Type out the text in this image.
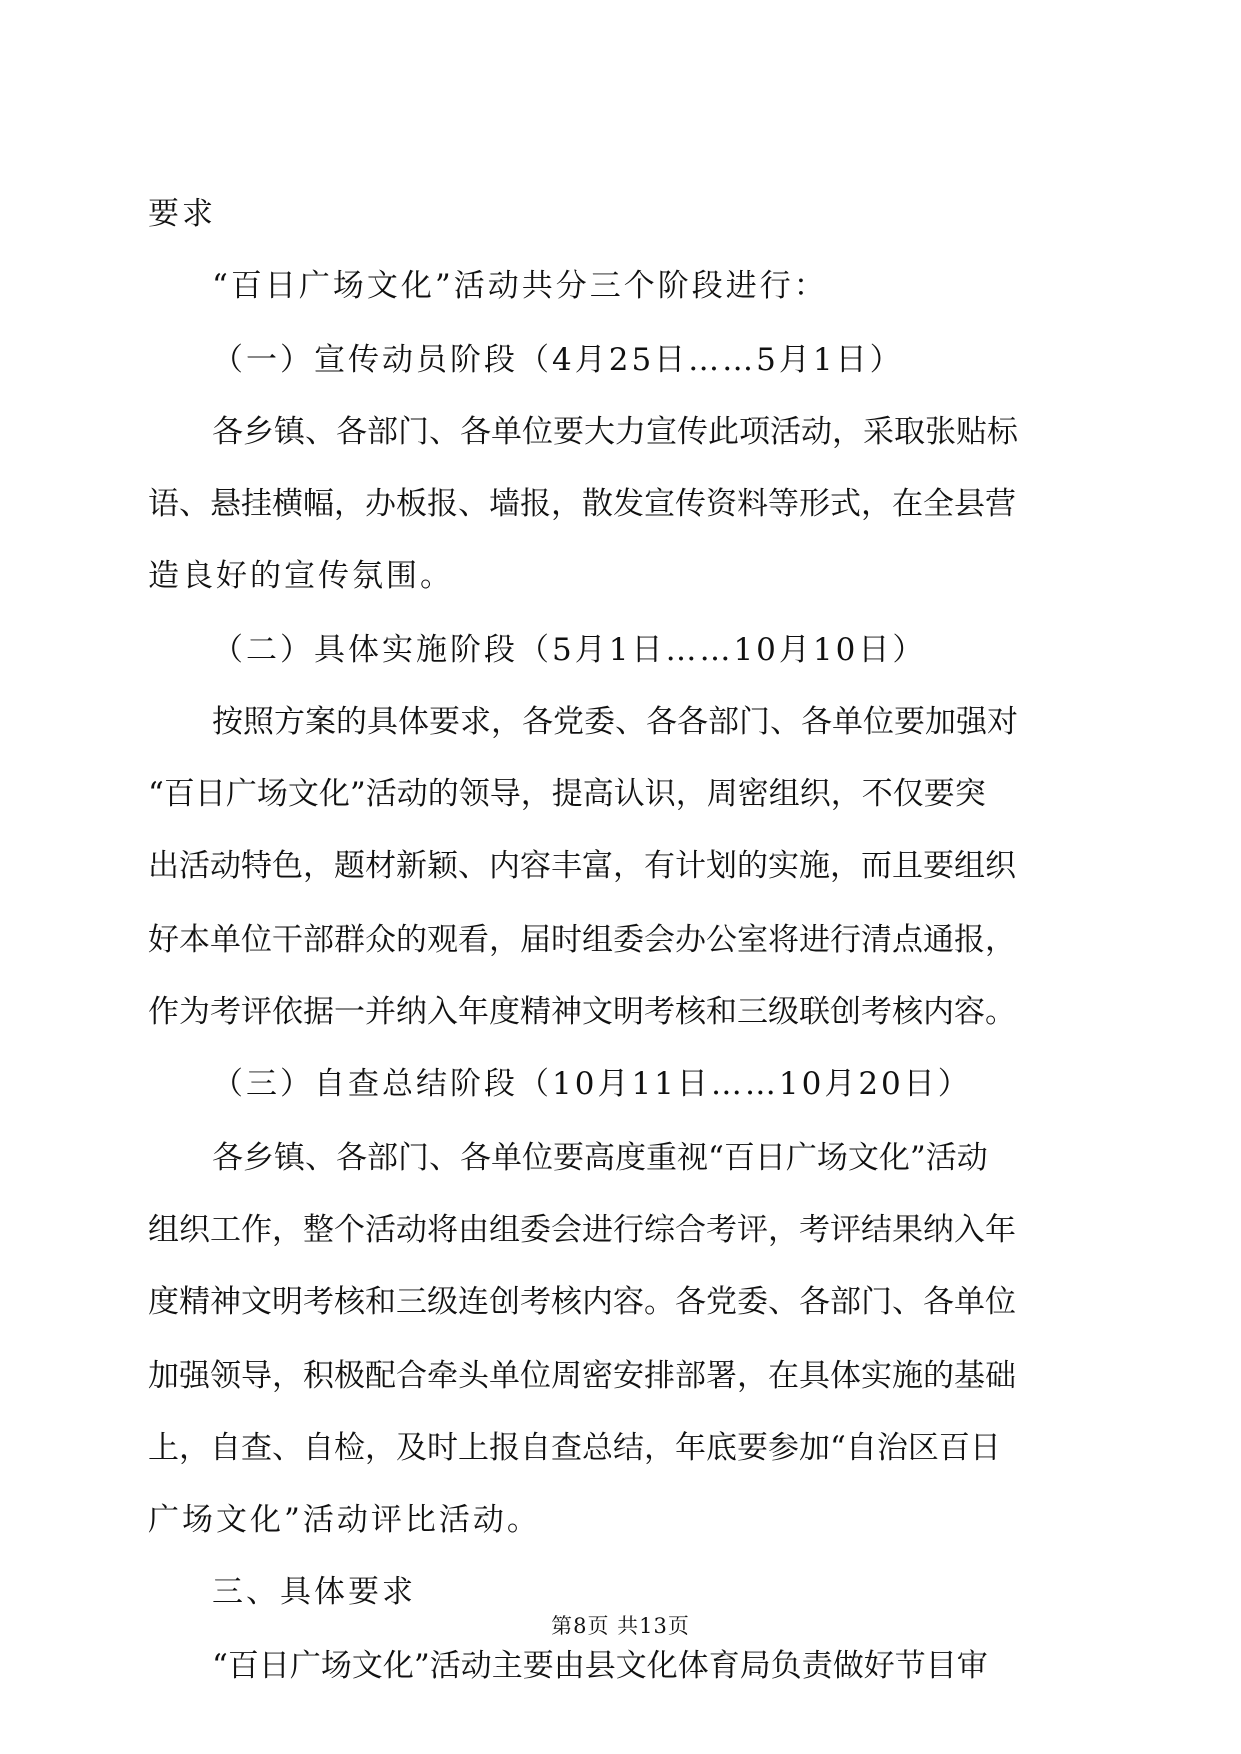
要求
“百日广场文化”活动共分三个阶段进行：
（一）宣传动员阶段（4月25日……5月1日）
各乡镇、各部门、各单位要大力宣传此项活动，采取张贴标
语、悬挂横幅，办板报、墙报，散发宣传资料等形式，在全县营
造良好的宣传氛围。
（二）具体实施阶段（5月1日……10月10日）
按照方案的具体要求，各党委、各各部门、各单位要加强对
“百日广场文化”活动的领导，提高认识，周密组织，不仅要突
出活动特色，题材新颖、内容丰富，有计划的实施，而且要组织
好本单位干部群众的观看，届时组委会办公室将进行清点通报，
作为考评依据一并纳入年度精神文明考核和三级联创考核内容。
（三）自查总结阶段（10月11日……10月20日）
各乡镇、各部门、各单位要高度重视“百日广场文化”活动
组织工作，整个活动将由组委会进行综合考评，考评结果纳入年
度精神文明考核和三级连创考核内容。各党委、各部门、各单位
加强领导，积极配合牵头单位周密安排部署，在具体实施的基础
上，自查、自检，及时上报自查总结，年底要参加“自治区百日
广场文化”活动评比活动。
三、具体要求
“百日广场文化”活动主要由县文化体育局负责做好节目审
第8页 共13页
